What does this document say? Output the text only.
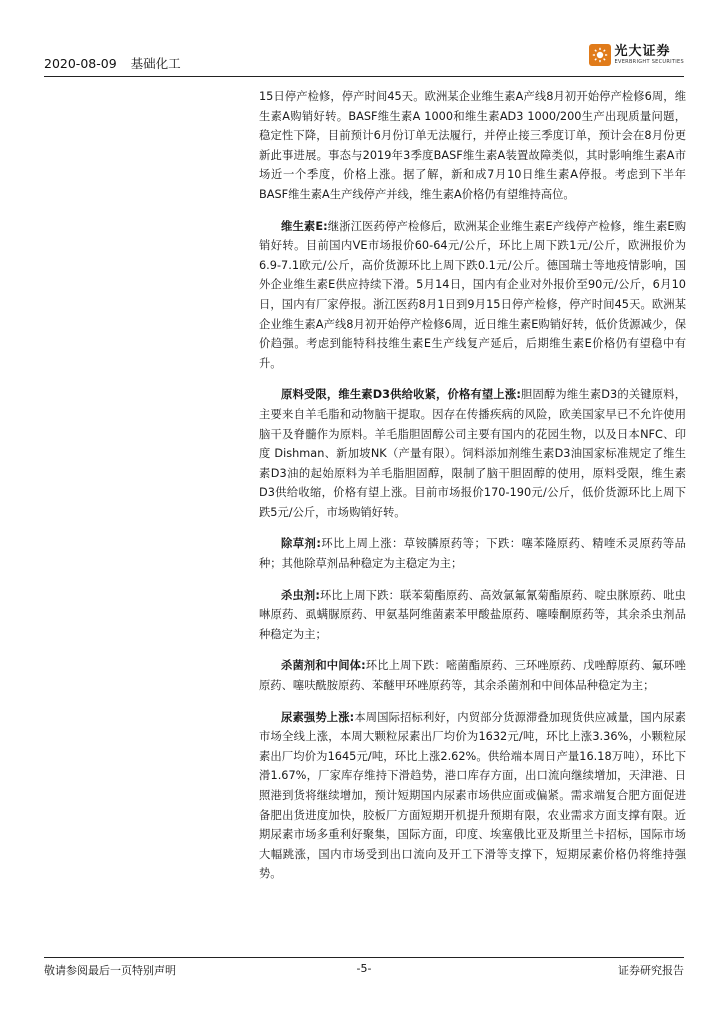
2020-08-09 基础化工
光大证券
EVERBRIGHT SECURITIES

15日停产检修，停产时间45天。欧洲某企业维生素A产线8月初开始停产检修6周，维生素A购销好转。BASF维生素A 1000和维生素AD3 1000/200生产出现质量问题，稳定性下降，目前预计6月份订单无法履行，并停止接三季度订单，预计会在8月份更新此事进展。事态与2019年3季度BASF维生素A装置故障类似，其时影响维生素A市场近一个季度，价格上涨。据了解，新和成7月10日维生素A停报。考虑到下半年BASF维生素A生产线停产并线，维生素A价格仍有望维持高位。

维生素E:继浙江医药停产检修后，欧洲某企业维生素E产线停产检修，维生素E购销好转。目前国内VE市场报价60-64元/公斤，环比上周下跌1元/公斤，欧洲报价为6.9-7.1欧元/公斤，高价货源环比上周下跌0.1元/公斤。德国瑞士等地疫情影响，国外企业维生素E供应持续下滑。5月14日，国内有企业对外报价至90元/公斤，6月10日，国内有厂家停报。浙江医药8月1日到9月15日停产检修，停产时间45天。欧洲某企业维生素A产线8月初开始停产检修6周，近日维生素E购销好转，低价货源减少，保价趋强。考虑到能特科技维生素E生产线复产延后，后期维生素E价格仍有望稳中有升。

原料受限，维生素D3供给收紧，价格有望上涨:胆固醇为维生素D3的关键原料，主要来自羊毛脂和动物脑干提取。因存在传播疾病的风险，欧美国家早已不允许使用脑干及脊髓作为原料。羊毛脂胆固醇公司主要有国内的花园生物，以及日本NFC、印度 Dishman、新加坡NK（产量有限）。饲料添加剂维生素D3油国家标准规定了维生素D3油的起始原料为羊毛脂胆固醇，限制了脑干胆固醇的使用，原料受限，维生素D3供给收缩，价格有望上涨。目前市场报价170-190元/公斤，低价货源环比上周下跌5元/公斤，市场购销好转。

除草剂:环比上周上涨：草铵膦原药等；下跌：噻苯隆原药、精喹禾灵原药等品种；其他除草剂品种稳定为主稳定为主；

杀虫剂:环比上周下跌：联苯菊酯原药、高效氯氟氰菊酯原药、啶虫脒原药、吡虫啉原药、虱螨脲原药、甲氨基阿维菌素苯甲酸盐原药、噻嗪酮原药等，其余杀虫剂品种稳定为主；

杀菌剂和中间体:环比上周下跌：嘧菌酯原药、三环唑原药、戊唑醇原药、氟环唑原药、噻呋酰胺原药、苯醚甲环唑原药等，其余杀菌剂和中间体品种稳定为主；

尿素强势上涨:本周国际招标利好，内贸部分货源滞叠加现货供应减量，国内尿素市场全线上涨，本周大颗粒尿素出厂均价为1632元/吨，环比上涨3.36%，小颗粒尿素出厂均价为1645元/吨，环比上涨2.62%。供给端本周日产量16.18万吨），环比下滑1.67%，厂家库存维持下滑趋势，港口库存方面，出口流向继续增加，天津港、日照港到货将继续增加，预计短期国内尿素市场供应面或偏紧。需求端复合肥方面促进备肥出货进度加快，胶板厂方面短期开机提升预期有限，农业需求方面支撑有限。近期尿素市场多重利好聚集，国际方面，印度、埃塞俄比亚及斯里兰卡招标，国际市场大幅跳涨，国内市场受到出口流向及开工下滑等支撑下，短期尿素价格仍将维持强势。

敬请参阅最后一页特别声明	-5-	证券研究报告
